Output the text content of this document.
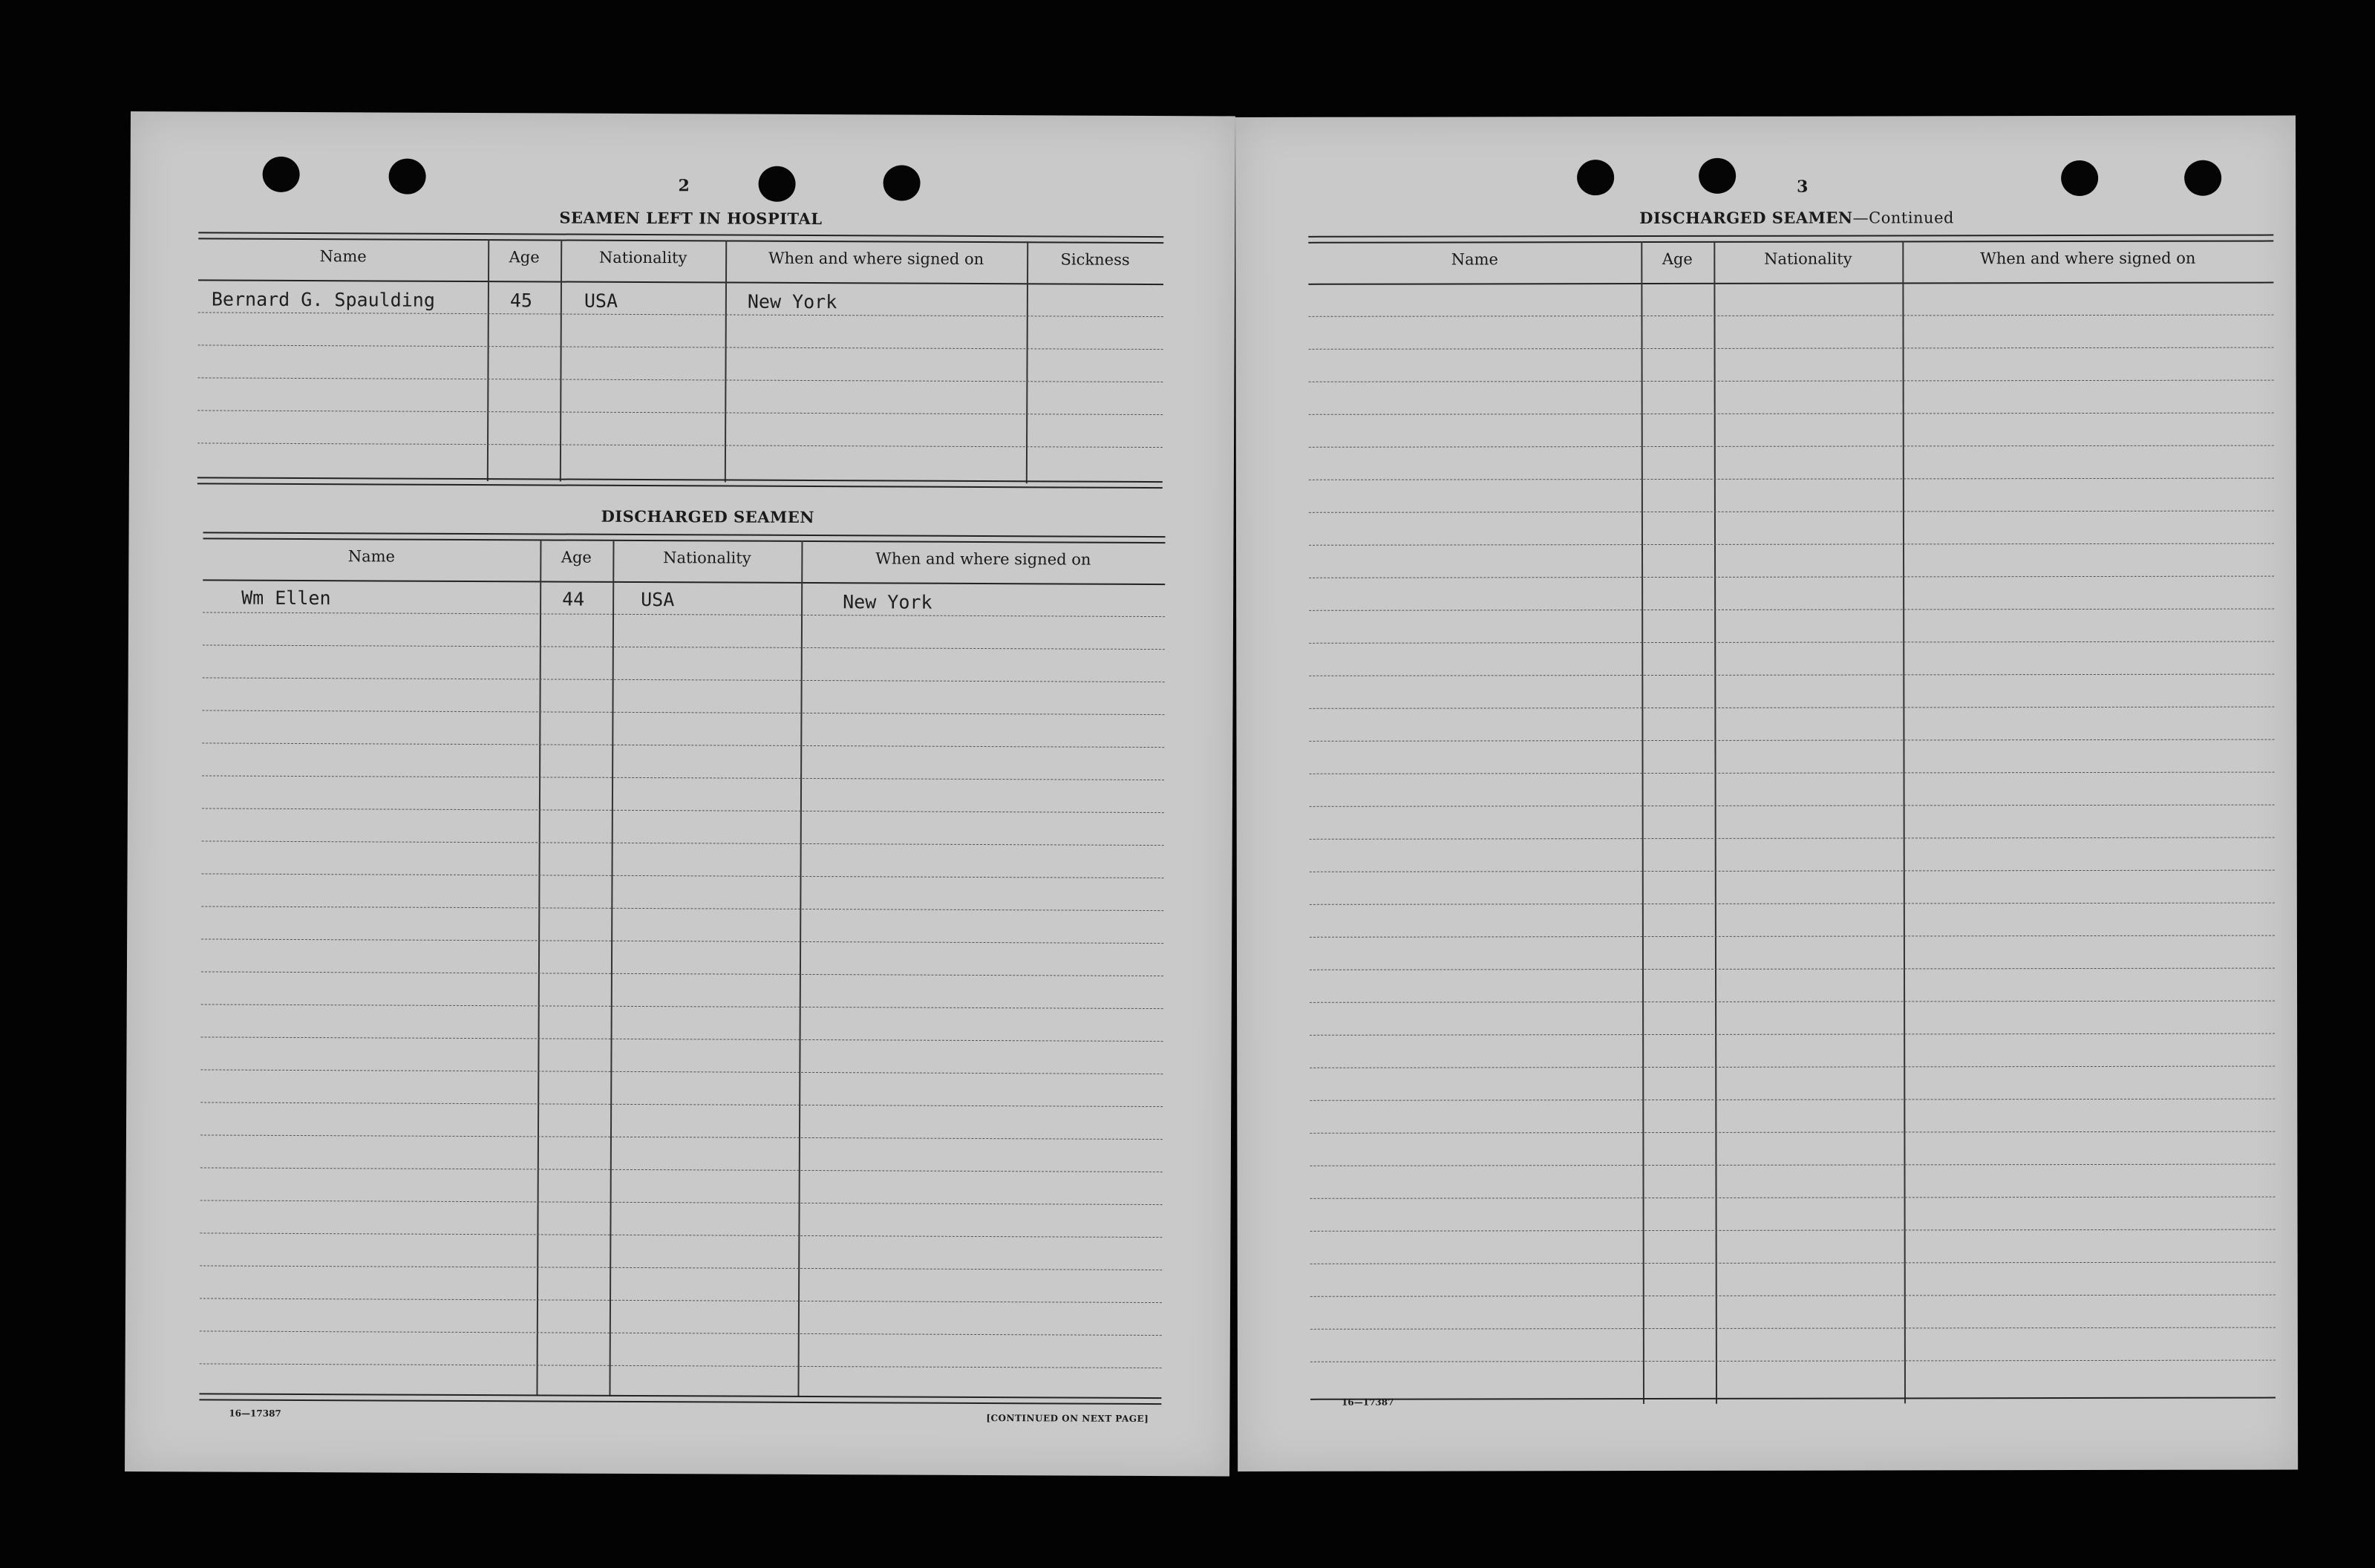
2
SEAMEN LEFT IN HOSPITAL
Name	Age	Nationality	When and where signed on	Sickness
Bernard G. Spaulding	45	USA	New York
DISCHARGED SEAMEN
Name	Age	Nationality	When and where signed on
Wm Ellen	44	USA	New York
16—17387	[CONTINUED ON NEXT PAGE]
3
DISCHARGED SEAMEN—Continued
Name	Age	Nationality	When and where signed on
16—17387
